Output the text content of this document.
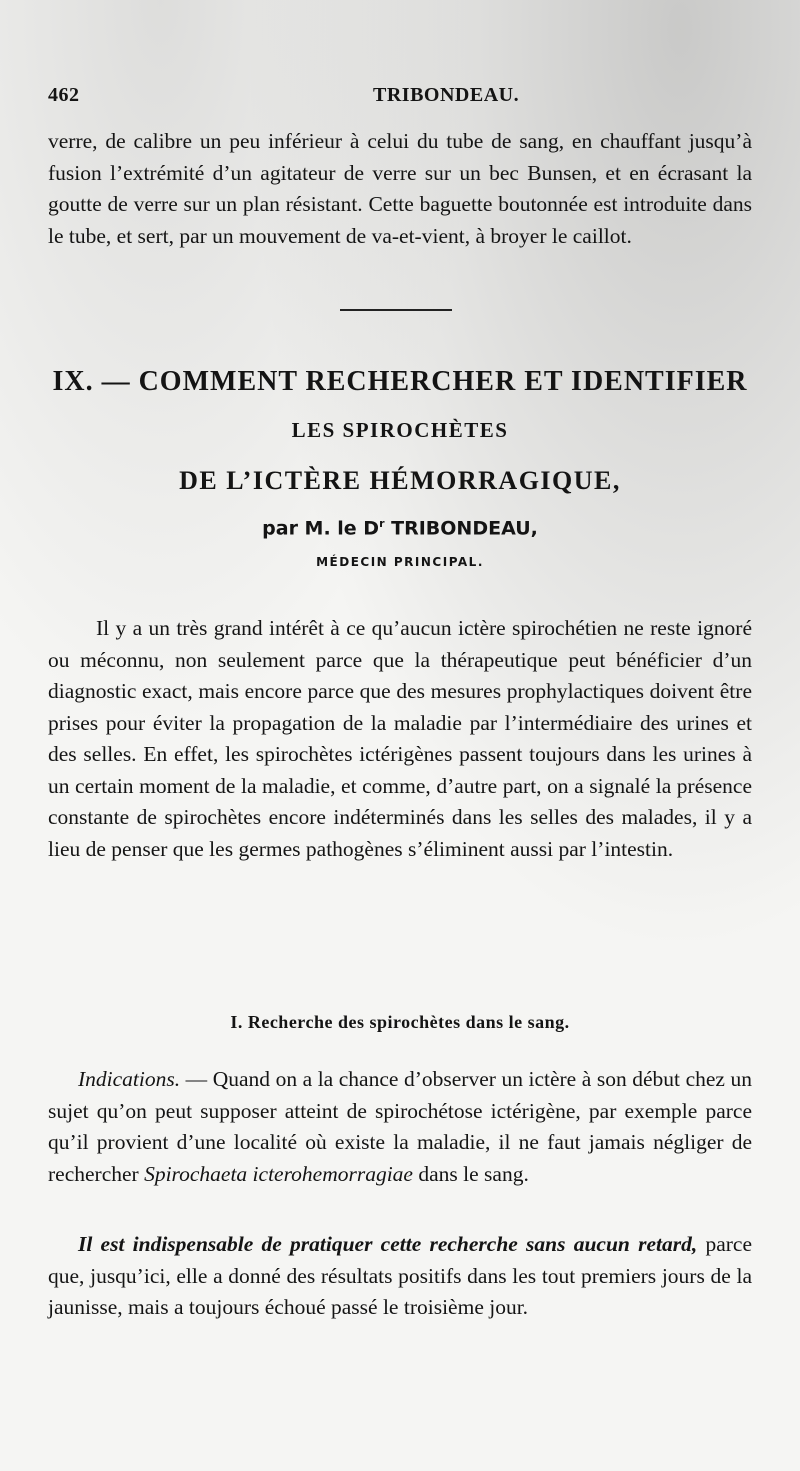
462	TRIBONDEAU.

verre, de calibre un peu inférieur à celui du tube de sang, en chauffant jusqu’à fusion l’extrémité d’un agitateur de verre sur un bec Bunsen, et en écrasant la goutte de verre sur un plan résistant. Cette baguette boutonnée est introduite dans le tube, et sert, par un mouvement de va-et-vient, à broyer le caillot.

IX. — COMMENT RECHERCHER ET IDENTIFIER
LES SPIROCHÈTES
DE L’ICTÈRE HÉMORRAGIQUE,
par M. le $D^r$ TRIBONDEAU,
MÉDECIN PRINCIPAL.

Il y a un très grand intérêt à ce qu’aucun ictère spirochétien ne reste ignoré ou méconnu, non seulement parce que la thérapeutique peut bénéficier d’un diagnostic exact, mais encore parce que des mesures prophylactiques doivent être prises pour éviter la propagation de la maladie par l’intermédiaire des urines et des selles. En effet, les spirochètes ictérigènes passent toujours dans les urines à un certain moment de la maladie, et comme, d’autre part, on a signalé la présence constante de spirochètes encore indéterminés dans les selles des malades, il y a lieu de penser que les germes pathogènes s’éliminent aussi par l’intestin.

I. Recherche des spirochètes dans le sang.

Indications. — Quand on a la chance d’observer un ictère à son début chez un sujet qu’on peut supposer atteint de spirochétose ictérigène, par exemple parce qu’il provient d’une localité où existe la maladie, il ne faut jamais négliger de rechercher Spirochaeta icterohemorragiae dans le sang.

Il est indispensable de pratiquer cette recherche sans aucun retard, parce que, jusqu’ici, elle a donné des résultats positifs dans les tout premiers jours de la jaunisse, mais a toujours échoué passé le troisième jour.
